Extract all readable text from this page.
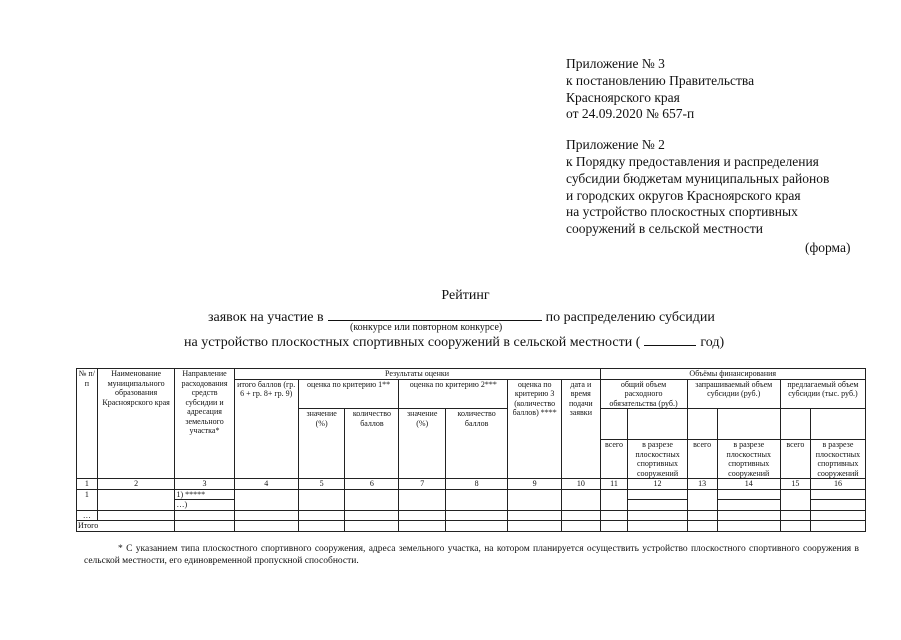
Приложение № 3
к постановлению Правительства
Красноярского края
от 24.09.2020 № 657-п
Приложение № 2
к Порядку предоставления и распределения
субсидии бюджетам муниципальных районов
и городских округов Красноярского края
на устройство плоскостных спортивных
сооружений в сельской местности
(форма)
Рейтинг
заявок на участие в	по распределению субсидии
(конкурсе или повторном конкурсе)
на устройство плоскостных спортивных сооружений в сельской местности (	год)
№ п/п	Наименование муниципального образования Красноярского края	Направление расходования средств субсидии и адресация земельного участка*	Результаты оценки							Объёмы финансирования					
			итого баллов (гр. 6 + гр. 8+ гр. 9)	оценка по критерию 1**		оценка по критерию 2***		оценка по критерию 3 (количество баллов) ****	дата и время подачи заявки	общий объем расходного обязательства (руб.)		запрашиваемый объем субсидии (руб.)		предлагаемый объем субсидии (тыс. руб.)	
				значение (%)	количество баллов	значение (%)	количество баллов								
										всего	в разрезе плоскостных спортивных сооружений	всего	в разрезе плоскостных спортивных сооружений	всего	в разрезе плоскостных спортивных сооружений
1	2	3	4	5	6	7	8	9	10	11	12	13	14	15	16
1		1) *****													
		…)													
…															
Итого															
* С указанием типа плоскостного спортивного сооружения, адреса земельного участка, на котором планируется осуществить устройство плоскостного спортивного сооружения в сельской местности, его единовременной пропускной способности.
